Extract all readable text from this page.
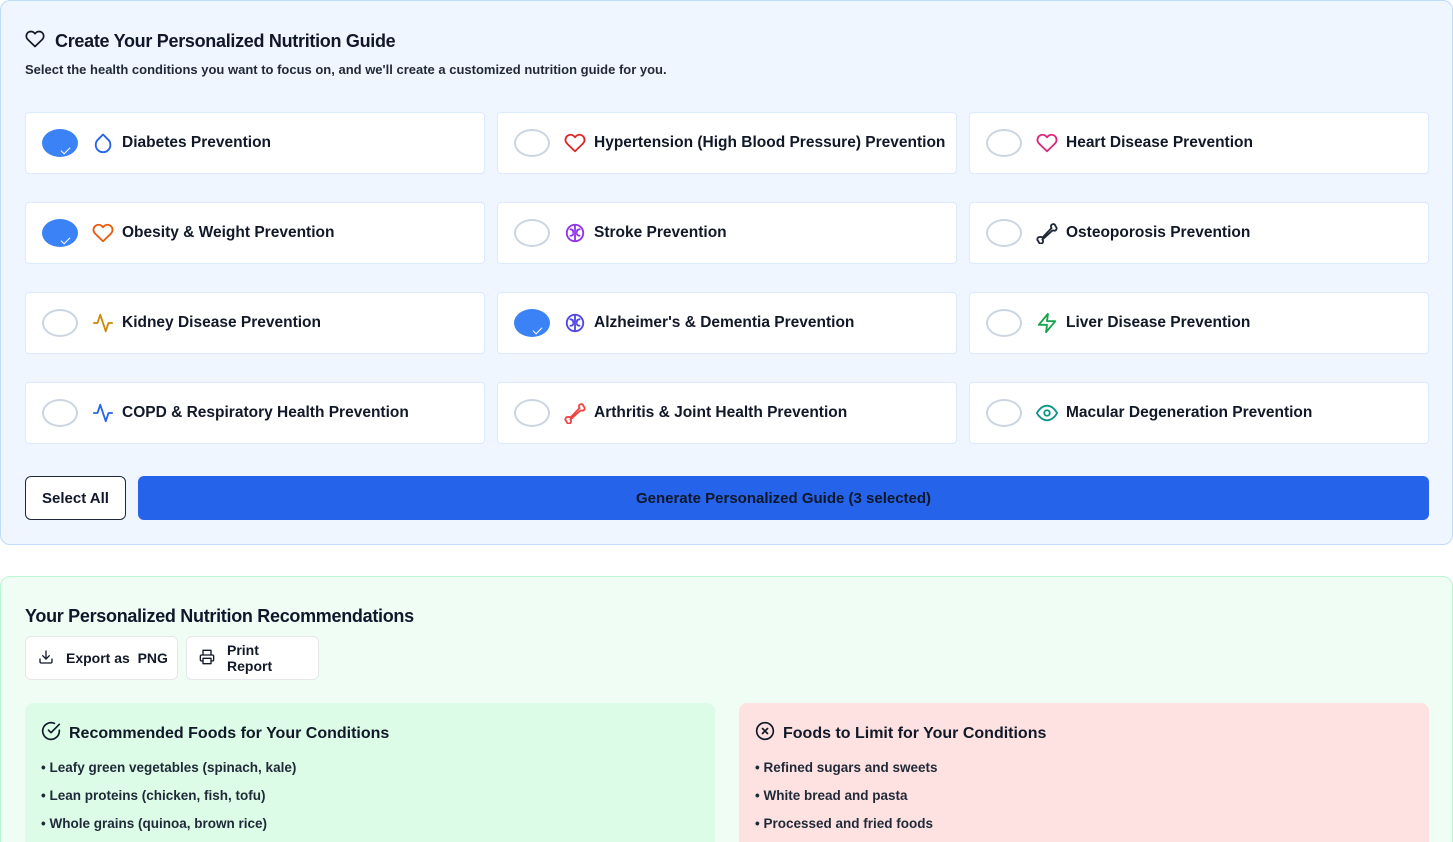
Create Your Personalized Nutrition Guide
Select the health conditions you want to focus on, and we'll create a customized nutrition guide for you.
Diabetes Prevention	Hypertension (High Blood Pressure) Prevention	Heart Disease Prevention
Obesity & Weight Prevention	Stroke Prevention	Osteoporosis Prevention
Kidney Disease Prevention	Alzheimer's & Dementia Prevention	Liver Disease Prevention
COPD & Respiratory Health Prevention	Arthritis & Joint Health Prevention	Macular Degeneration Prevention
Select All	Generate Personalized Guide (3 selected)
Your Personalized Nutrition Recommendations
Export as  PNG	Print Report
Recommended Foods for Your Conditions
• Leafy green vegetables (spinach, kale)
• Lean proteins (chicken, fish, tofu)
• Whole grains (quinoa, brown rice)
Foods to Limit for Your Conditions
• Refined sugars and sweets
• White bread and pasta
• Processed and fried foods
